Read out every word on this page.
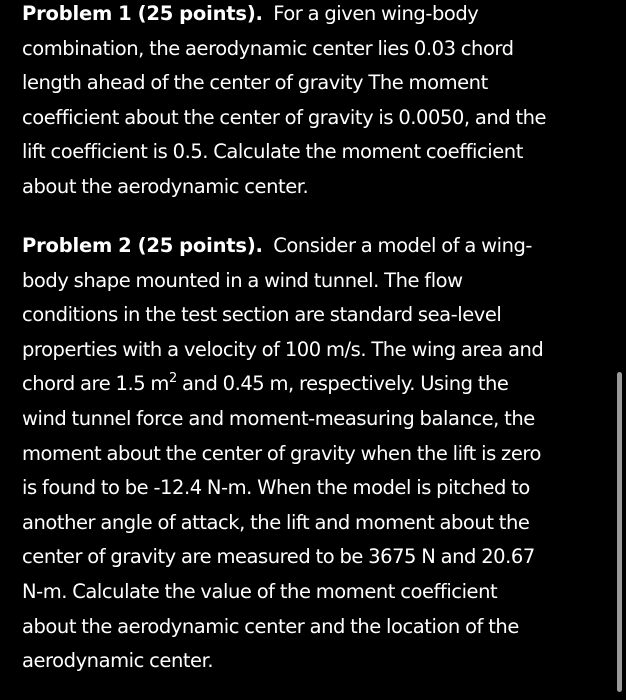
Problem 1 (25 points). For a given wing-body

combination, the aerodynamic center lies 0.03 chord

length ahead of the center of gravity The moment

coefficient about the center of gravity is 0.0050, and the

lift coefficient is 0.5. Calculate the moment coefficient

about the aerodynamic center.

Problem 2 (25 points). Consider a model of a wing-

body shape mounted in a wind tunnel. The flow

conditions in the test section are standard sea-level

properties with a velocity of 100 m/s. The wing area and

chord are 1.5 $m^2$ and 0.45 m, respectively. Using the

wind tunnel force and moment-measuring balance, the

moment about the center of gravity when the lift is zero

is found to be -12.4 N-m. When the model is pitched to

another angle of attack, the lift and moment about the

center of gravity are measured to be 3675 N and 20.67

N-m. Calculate the value of the moment coefficient

about the aerodynamic center and the location of the

aerodynamic center.
